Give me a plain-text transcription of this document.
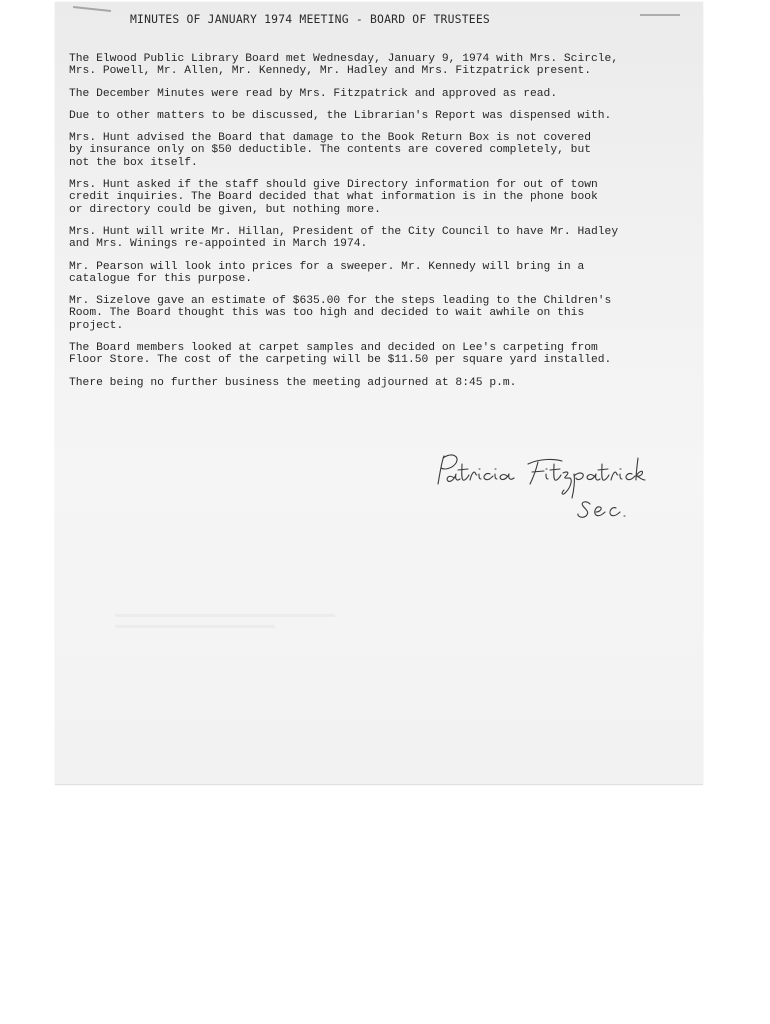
MINUTES OF JANUARY 1974 MEETING - BOARD OF TRUSTEES

The Elwood Public Library Board met Wednesday, January 9, 1974 with Mrs. Scircle,
Mrs. Powell, Mr. Allen, Mr. Kennedy, Mr. Hadley and Mrs. Fitzpatrick present.

The December Minutes were read by Mrs. Fitzpatrick and approved as read.

Due to other matters to be discussed, the Librarian's Report was dispensed with.

Mrs. Hunt advised the Board that damage to the Book Return Box is not covered
by insurance only on $50 deductible. The contents are covered completely, but
not the box itself.

Mrs. Hunt asked if the staff should give Directory information for out of town
credit inquiries. The Board decided that what information is in the phone book
or directory could be given, but nothing more.

Mrs. Hunt will write Mr. Hillan, President of the City Council to have Mr. Hadley
and Mrs. Winings re-appointed in March 1974.

Mr. Pearson will look into prices for a sweeper. Mr. Kennedy will bring in a
catalogue for this purpose.

Mr. Sizelove gave an estimate of $635.00 for the steps leading to the Children's
Room. The Board thought this was too high and decided to wait awhile on this
project.

The Board members looked at carpet samples and decided on Lee's carpeting from
Floor Store. The cost of the carpeting will be $11.50 per square yard installed.

There being no further business the meeting adjourned at 8:45 p.m.
